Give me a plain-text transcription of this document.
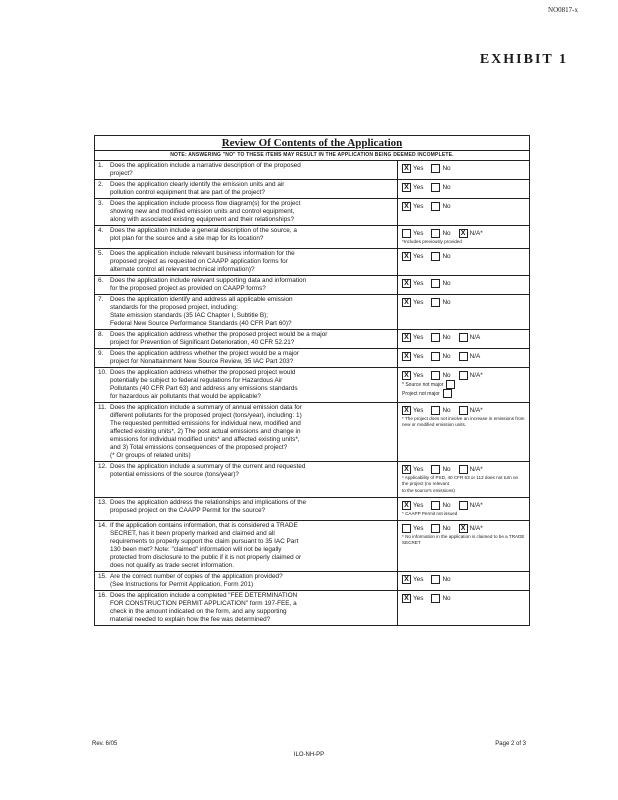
NO0817-x
EXHIBIT 1
Review Of Contents of the Application
NOTE: ANSWERING "NO" TO THESE ITEMS MAY RESULT IN THE APPLICATION BEING DEEMED INCOMPLETE.
1.	Does the application include a narrative description of the proposed
project?
X Yes	No
2.	Does the application clearly identify the emission units and air
pollution control equipment that are part of the project?
X Yes	No
3.	Does the application include process flow diagram(s) for the project
showing new and modified emission units and control equipment,
along with associated existing equipment and their relationships?
X Yes	No
4.	Does the application include a general description of the source, a
plot plan for the source and a site map for its location?
Yes	No	X N/A*
*Includes previously provided
5.	Does the application include relevant business information for the
proposed project as requested on CAAPP application forms for
alternate control all relevant technical information)?
X Yes	No
6.	Does the application include relevant supporting data and information
for the proposed project as provided on CAAPP forms?
X Yes	No
7.	Does the application identify and address all applicable emission
standards for the proposed project, including:
State emission standards (35 IAC Chapter I, Subtitle B);
Federal New Source Performance Standards (40 CFR Part 60)?
X Yes	No
8.	Does the application address whether the proposed project would be a major
project for Prevention of Significant Deterioration, 40 CFR 52.21?
X Yes	No	N/A
9.	Does the application address whether the project would be a major
project for Nonattainment New Source Review, 35 IAC Part 203?
X Yes	No	N/A
10. Does the application address whether the proposed project would
potentially be subject to federal regulations for Hazardous Air
Pollutants (40 CFR Part 63) and address any emissions standards
for hazardous air pollutants that would be applicable?
X Yes	No	N/A*
* Source not major
Project not major
11. Does the application include a summary of annual emission data for
different pollutants for the proposed project (tons/year), including: 1)
The requested permitted emissions for individual new, modified and
affected existing units*, 2) The post actual emissions and change in
emissions for individual modified units* and affected existing units*,
and 3) Total emissions consequences of the proposed project?
(* Or groups of related units)
X Yes	No	N/A*
* The project does not involve an increase in emissions from new or modified emission units.
12. Does the application include a summary of the current and requested
potential emissions of the source (tons/year)?
X Yes	No	N/A*
* Applicability of PSD, 40 CFR 63 or 112 does not turn on the project (no relevant
to the source's emissions)
13. Does the application address the relationships and implications of the
proposed project on the CAAPP Permit for the source?
X Yes	No	N/A*
* CAAPP Permit not issued
14. If the application contains information, that is considered a TRADE
SECRET, has it been properly marked and claimed and all
requirements to properly support the claim pursuant to 35 IAC Part
130 been met? Note: "claimed" information will not be legally
protected from disclosure to the public if it is not properly claimed or
does not qualify as trade secret information.
Yes	No	X N/A*
* No information in the application is claimed to be a TRADE SECRET
15. Are the correct number of copies of the application provided?
(See Instructions for Permit Application, Form 201)
X Yes	No
16. Does the application include a completed "FEE DETERMINATION
FOR CONSTRUCTION PERMIT APPLICATION" form 197-FEE, a
check in the amount indicated on the form, and any supporting
material needed to explain how the fee was determined?
X Yes	No
Rev. 6/05	Page 2 of 3
ILO-NH-PP
